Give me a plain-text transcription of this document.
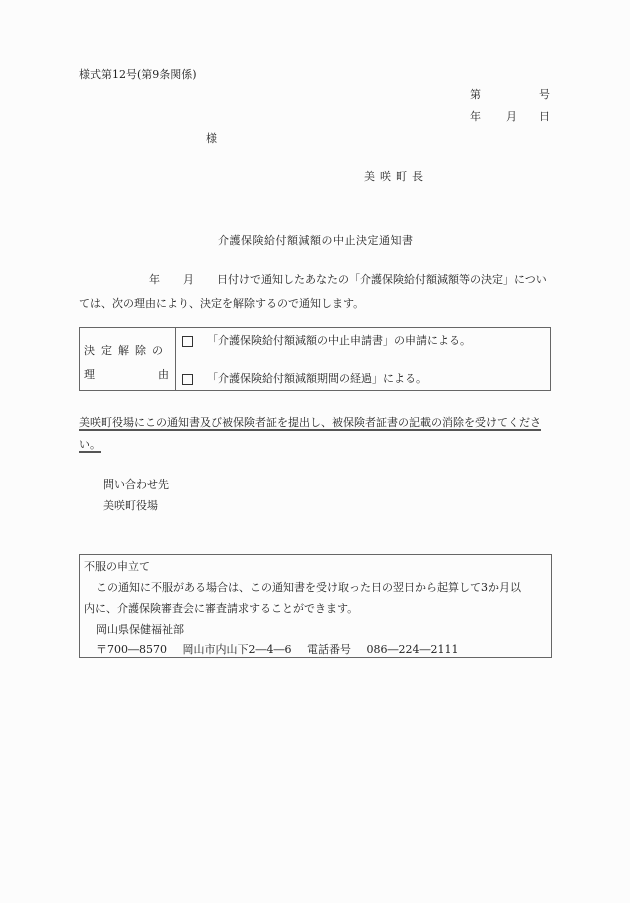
様式第12号(第9条関係)
第	号
年 月 日
様
美咲町長
介護保険給付額減額の中止決定通知書
年 月 日付けで通知したあなたの「介護保険給付額減額等の決定」につい
ては、次の理由により、決定を解除するので通知します。
決定解除の
理	由
「介護保険給付額減額の中止申請書」の申請による。
「介護保険給付額減額期間の経過」による。
美咲町役場にこの通知書及び被保険者証を提出し、被保険者証書の記載の消除を受けてください。
問い合わせ先
美咲町役場
不服の申立て
この通知に不服がある場合は、この通知書を受け取った日の翌日から起算して3か月以
内に、介護保険審査会に審査請求することができます。
岡山県保健福祉部
〒700―8570 岡山市内山下2―4―6 電話番号 086―224―2111
